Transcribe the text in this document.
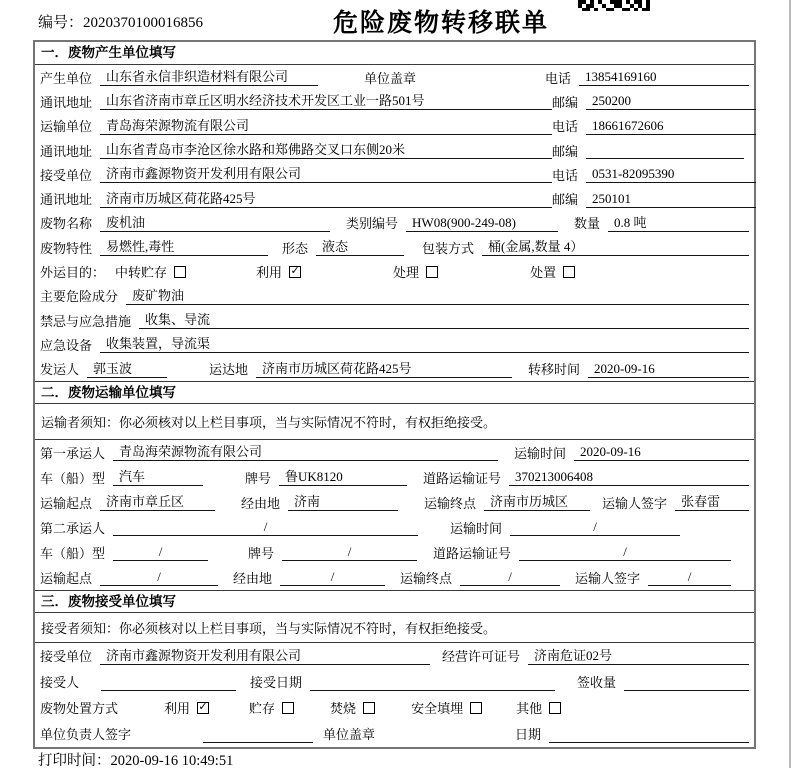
编号：2020370100016856	危险废物转移联单
一．废物产生单位填写
产生单位	山东省永信非织造材料有限公司	单位盖章	电话	13854169160
通讯地址	山东省济南市章丘区明水经济技术开发区工业一路501号	邮编	250200
运输单位	青岛海荣源物流有限公司	电话	18661672606
通讯地址	山东省青岛市李沧区徐水路和郑佛路交叉口东侧20米	邮编
接受单位	济南市鑫源物资开发利用有限公司	电话	0531-82095390
通讯地址	济南市历城区荷花路425号	邮编	250101
废物名称	废机油	类别编号	HW08(900-249-08)	数量	0.8 吨
废物特性	易燃性,毒性	形态	液态	包装方式	桶(金属,数量 4）
外运目的： 中转贮存	利用 ✓	处理	处置
主要危险成分	废矿物油
禁忌与应急措施	收集、导流
应急设备	收集装置，导流渠
发运人	郭玉波	运达地	济南市历城区荷花路425号	转移时间	2020-09-16
二．废物运输单位填写
运输者须知：你必须核对以上栏目事项，当与实际情况不符时，有权拒绝接受。
第一承运人	青岛海荣源物流有限公司	运输时间	2020-09-16
车（船）型	汽车	牌号	鲁UK8120	道路运输证号	370213006408
运输起点	济南市章丘区	经由地	济南	运输终点	济南市历城区	运输人签字	张春雷
第二承运人	/	运输时间	/
车（船）型	/	牌号	/	道路运输证号	/
运输起点	/	经由地	/	运输终点	/	运输人签字	/
三．废物接受单位填写
接受者须知：你必须核对以上栏目事项，当与实际情况不符时，有权拒绝接受。
接受单位	济南市鑫源物资开发利用有限公司	经营许可证号	济南危证02号
接受人	接受日期	签收量
废物处置方式	利用 ✓	贮存	焚烧	安全填埋	其他
单位负责人签字	单位盖章	日期
打印时间：2020-09-16 10:49:51
